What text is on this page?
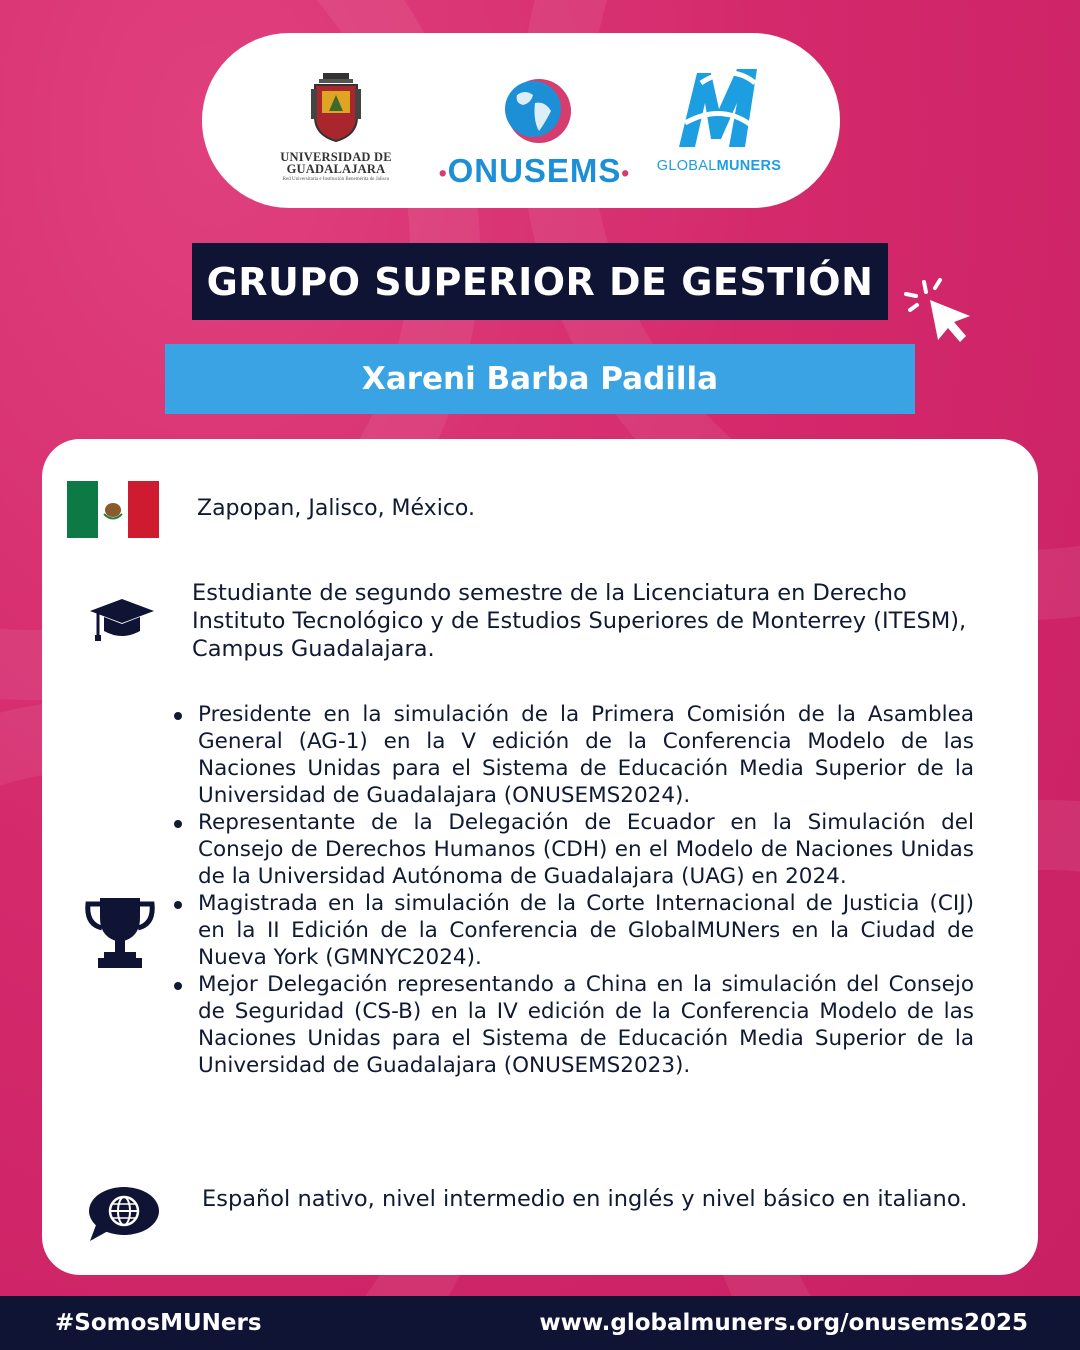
UNIVERSIDAD DE
GUADALAJARA
Red Universitaria e Institución Benemérita de Jalisco	•ONUSEMS•	GLOBALMUNERS
GRUPO SUPERIOR DE GESTIÓN
Xareni Barba Padilla
Zapopan, Jalisco, México.
Estudiante de segundo semestre de la Licenciatura en Derecho Instituto Tecnológico y de Estudios Superiores de Monterrey (ITESM), Campus Guadalajara.
Presidente en la simulación de la Primera Comisión de la Asamblea General (AG-1) en la V edición de la Conferencia Modelo de las Naciones Unidas para el Sistema de Educación Media Superior de la Universidad de Guadalajara (ONUSEMS2024).
Representante de la Delegación de Ecuador en la Simulación del Consejo de Derechos Humanos (CDH) en el Modelo de Naciones Unidas de la Universidad Autónoma de Guadalajara (UAG) en 2024.
Magistrada en la simulación de la Corte Internacional de Justicia (CIJ) en la II Edición de la Conferencia de GlobalMUNers en la Ciudad de Nueva York (GMNYC2024).
Mejor Delegación representando a China en la simulación del Consejo de Seguridad (CS-B) en la IV edición de la Conferencia Modelo de las Naciones Unidas para el Sistema de Educación Media Superior de la Universidad de Guadalajara (ONUSEMS2023).
Español nativo, nivel intermedio en inglés y nivel básico en italiano.
#SomosMUNers	www.globalmuners.org/onusems2025
